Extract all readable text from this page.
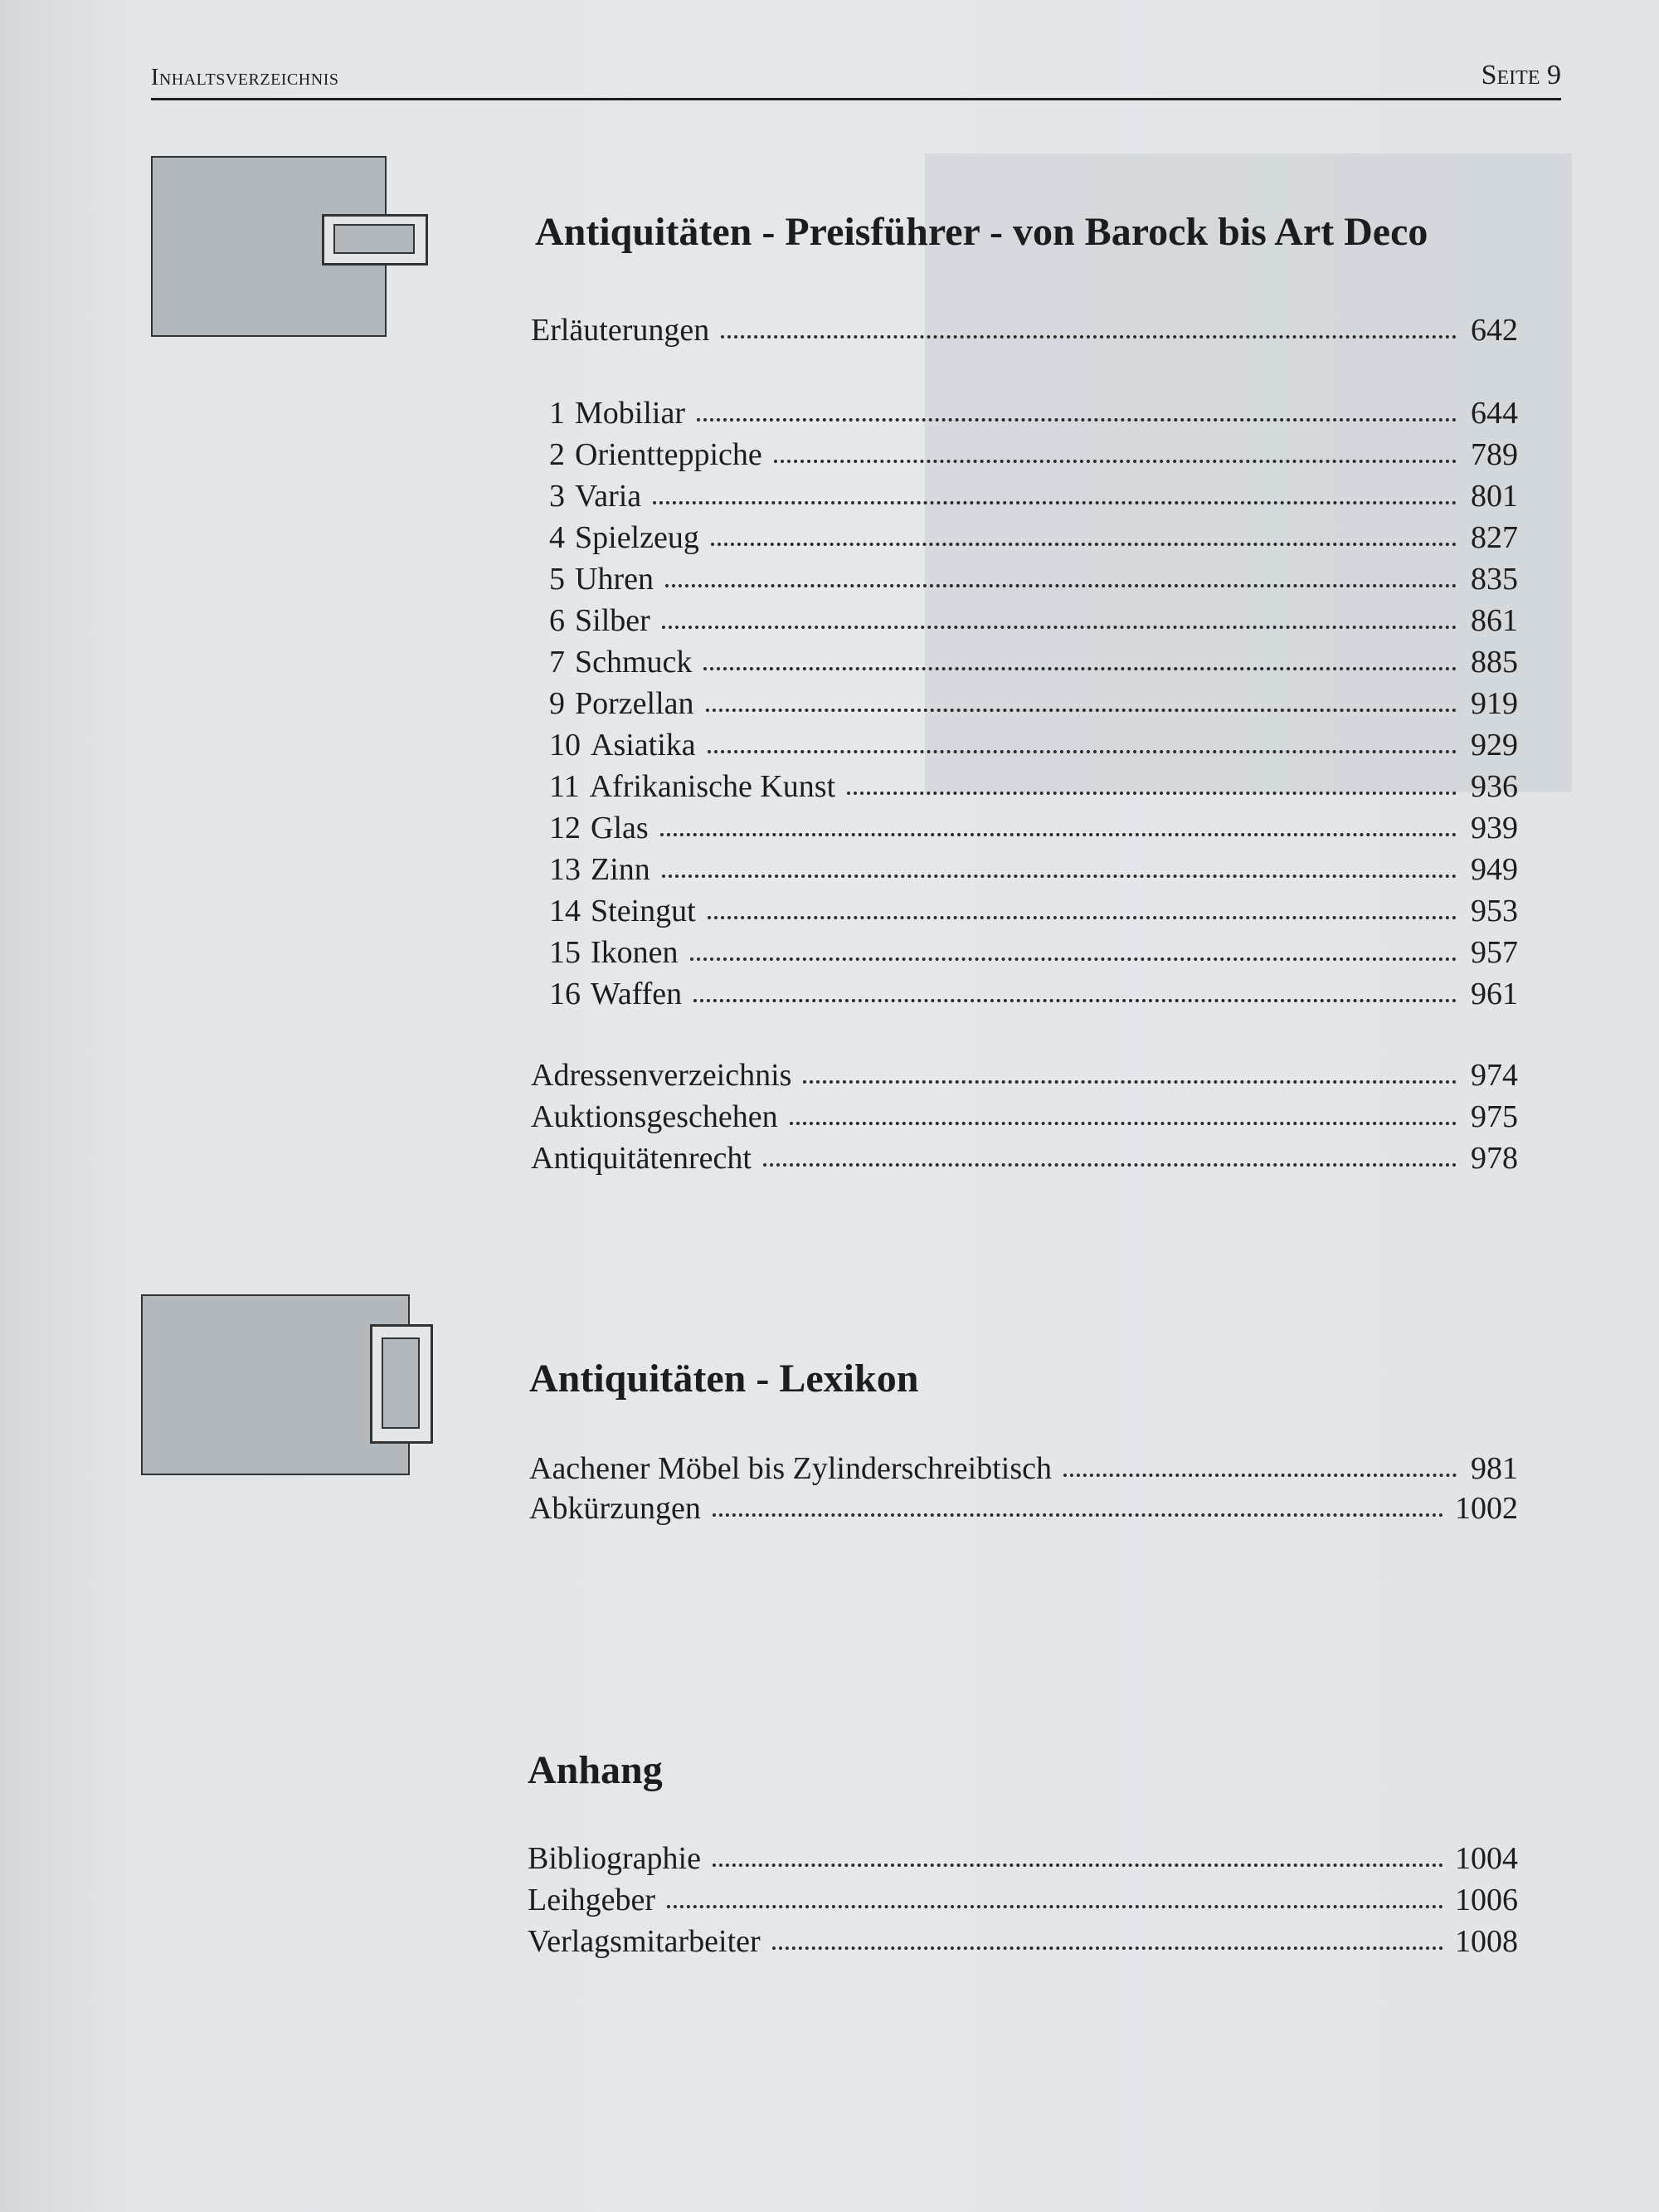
Inhaltsverzeichnis	Seite 9
Antiquitäten - Preisführer - von Barock bis Art Deco
Erläuterungen	642
1 Mobiliar	644
2 Orientteppiche	789
3 Varia	801
4 Spielzeug	827
5 Uhren	835
6 Silber	861
7 Schmuck	885
9 Porzellan	919
10 Asiatika	929
11 Afrikanische Kunst	936
12 Glas	939
13 Zinn	949
14 Steingut	953
15 Ikonen	957
16 Waffen	961
Adressenverzeichnis	974
Auktionsgeschehen	975
Antiquitätenrecht	978
Antiquitäten - Lexikon
Aachener Möbel bis Zylinderschreibtisch	981
Abkürzungen	1002
Anhang
Bibliographie	1004
Leihgeber	1006
Verlagsmitarbeiter	1008
